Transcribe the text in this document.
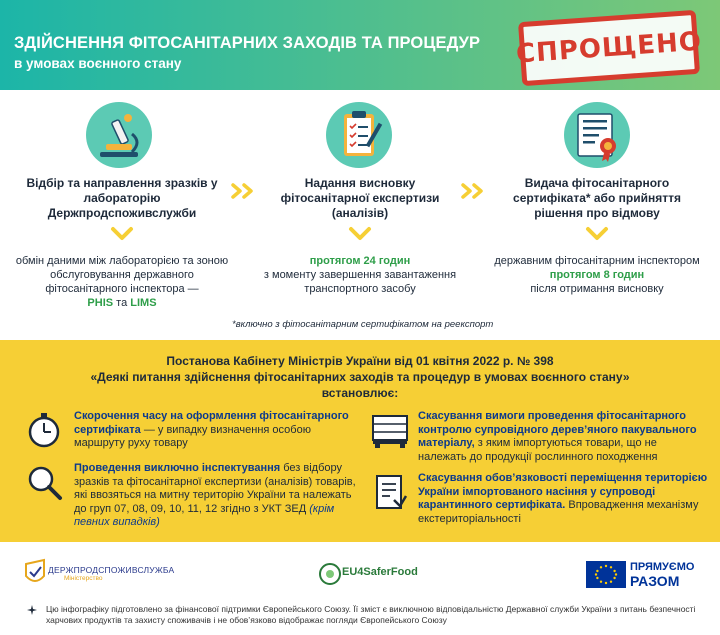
ЗДІЙСНЕННЯ ФІТОСАНІТАРНИХ ЗАХОДІВ ТА ПРОЦЕДУР
в умовах воєнного стану	СПРОЩЕНО
Відбір та направлення зразків у лабораторію Держпродспоживслужби
обмін даними між лабораторією та зоною обслуговування державного фітосанітарного інспектора —
PHIS та LIMS
Надання висновку фітосанітарної експертизи (аналізів)
протягом 24 годин
з моменту завершення завантаження транспортного засобу
Видача фітосанітарного сертифіката* або прийняття рішення про відмову
державним фітосанітарним інспектором
протягом 8 годин
після отримання висновку
*включно з фітосанітарним сертифікатом на реекспорт
Постанова Кабінету Міністрів України від 01 квітня 2022 р. № 398
«Деякі питання здійснення фітосанітарних заходів та процедур в умовах воєнного стану»
встановлює:
Скорочення часу на оформлення фітосанітарного сертифіката — у випадку визначення особою маршруту руху товару
Проведення виключно інспектування без відбору зразків та фітосанітарної експертизи (аналізів) товарів, які ввозяться на митну територію України та належать до груп 07, 08, 09, 10, 11, 12 згідно з УКТ ЗЕД (крім певних випадків)
Скасування вимоги проведення фітосанітарного контролю супровідного дерев’яного пакувального матеріалу, з яким імпортуються товари, що не належать до продукції рослинного походження
Скасування обов’язковості переміщення територією України імпортованого насіння у супроводі карантинного сертифіката. Впровадження механізму екстериторіальності
ДЕРЖПРОДСПОЖИВСЛУЖБА
Міністерство
EU4SaferFood	ПРЯМУЄМО
РАЗОМ
Цю інфографіку підготовлено за фінансової підтримки Європейського Союзу. Її зміст є виключною відповідальністю Державної служби України з питань безпечності харчових продуктів та захисту споживачів і не обов’язково відображає погляди Європейського Союзу
